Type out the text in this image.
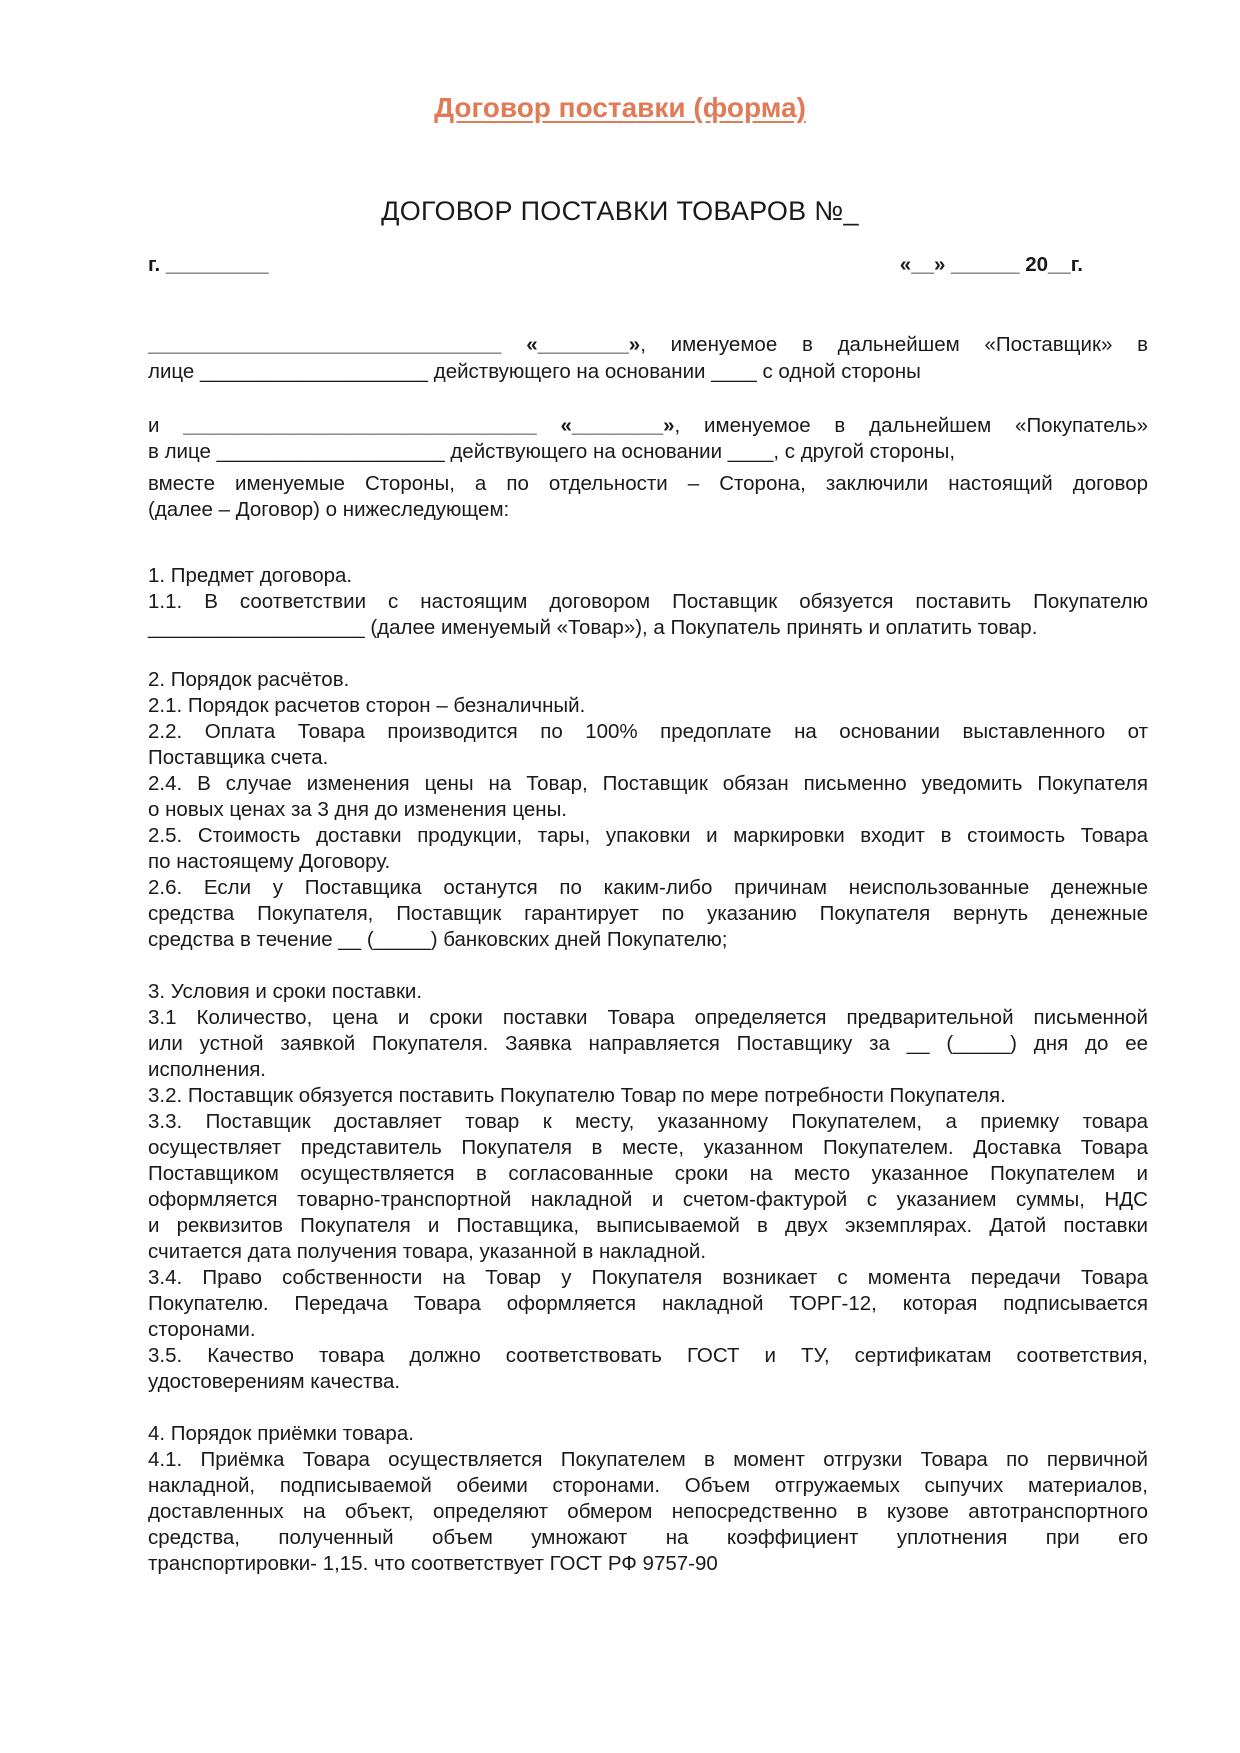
Договор поставки (форма)
ДОГОВОР ПОСТАВКИ ТОВАРОВ №_
г. _________	«__» ______ 20__г.
_______________________________ «________», именуемое в дальнейшем «Поставщик» в
лице ____________________ действующего на основании ____ с одной стороны
и _______________________________ «________», именуемое в дальнейшем «Покупатель»
в лице ____________________ действующего на основании ____, с другой стороны,
вместе именуемые Стороны, а по отдельности – Сторона, заключили настоящий договор
(далее – Договор) о нижеследующем:
1. Предмет договора.
1.1. В соответствии с настоящим договором Поставщик обязуется поставить Покупателю
___________________ (далее именуемый «Товар»), а Покупатель принять и оплатить товар.
2. Порядок расчётов.
2.1. Порядок расчетов сторон – безналичный.
2.2. Оплата Товара производится по 100% предоплате на основании выставленного от
Поставщика счета.
2.4. В случае изменения цены на Товар, Поставщик обязан письменно уведомить Покупателя
о новых ценах за 3 дня до изменения цены.
2.5. Стоимость доставки продукции, тары, упаковки и маркировки входит в стоимость Товара
по настоящему Договору.
2.6. Если у Поставщика останутся по каким-либо причинам неиспользованные денежные
средства Покупателя, Поставщик гарантирует по указанию Покупателя вернуть денежные
средства в течение __ (_____) банковских дней Покупателю;
3. Условия и сроки поставки.
3.1 Количество, цена и сроки поставки Товара определяется предварительной письменной
или устной заявкой Покупателя. Заявка направляется Поставщику за __ (_____) дня до ее
исполнения.
3.2. Поставщик обязуется поставить Покупателю Товар по мере потребности Покупателя.
3.3. Поставщик доставляет товар к месту, указанному Покупателем, а приемку товара
осуществляет представитель Покупателя в месте, указанном Покупателем. Доставка Товара
Поставщиком осуществляется в согласованные сроки на место указанное Покупателем и
оформляется товарно-транспортной накладной и счетом-фактурой с указанием суммы, НДС
и реквизитов Покупателя и Поставщика, выписываемой в двух экземплярах. Датой поставки
считается дата получения товара, указанной в накладной.
3.4. Право собственности на Товар у Покупателя возникает с момента передачи Товара
Покупателю. Передача Товара оформляется накладной ТОРГ-12, которая подписывается
сторонами.
3.5. Качество товара должно соответствовать ГОСТ и ТУ, сертификатам соответствия,
удостоверениям качества.
4. Порядок приёмки товара.
4.1. Приёмка Товара осуществляется Покупателем в момент отгрузки Товара по первичной
накладной, подписываемой обеими сторонами. Объем отгружаемых сыпучих материалов,
доставленных на объект, определяют обмером непосредственно в кузове автотранспортного
средства, полученный объем умножают на коэффициент уплотнения при его
транспортировки- 1,15. что соответствует ГОСТ РФ 9757-90
